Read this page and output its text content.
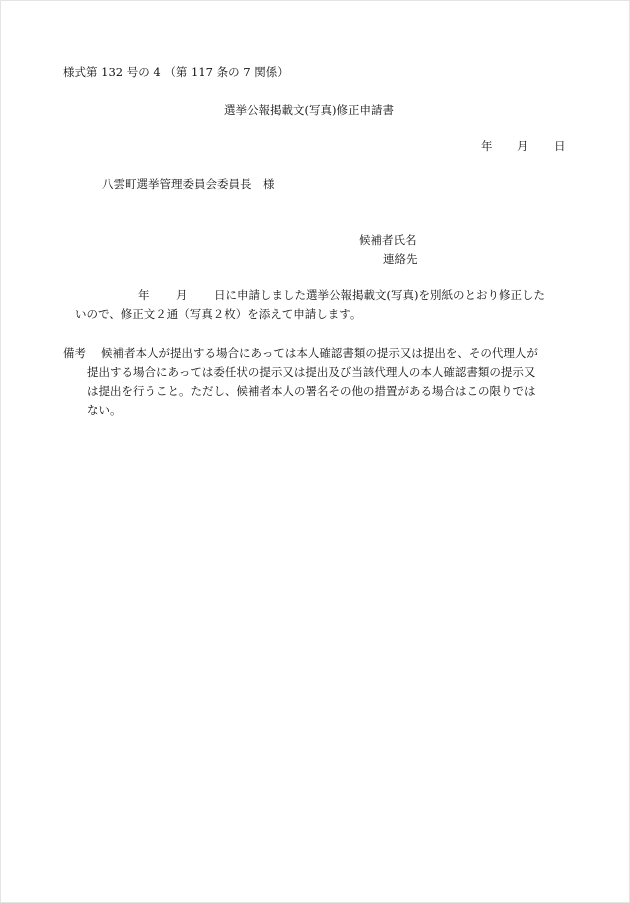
様式第 132 号の 4 （第 117 条の 7 関係）
選挙公報掲載文(写真)修正申請書
年 月 日
八雲町選挙管理委員会委員長　様
候補者氏名
連絡先
年 月 日に申請しました選挙公報掲載文(写真)を別紙のとおり修正した
いので、修正文２通（写真２枚）を添えて申請します。
備考	候補者本人が提出する場合にあっては本人確認書類の提示又は提出を、その代理人が
提出する場合にあっては委任状の提示又は提出及び当該代理人の本人確認書類の提示又
は提出を行うこと。ただし、候補者本人の署名その他の措置がある場合はこの限りでは
ない。
